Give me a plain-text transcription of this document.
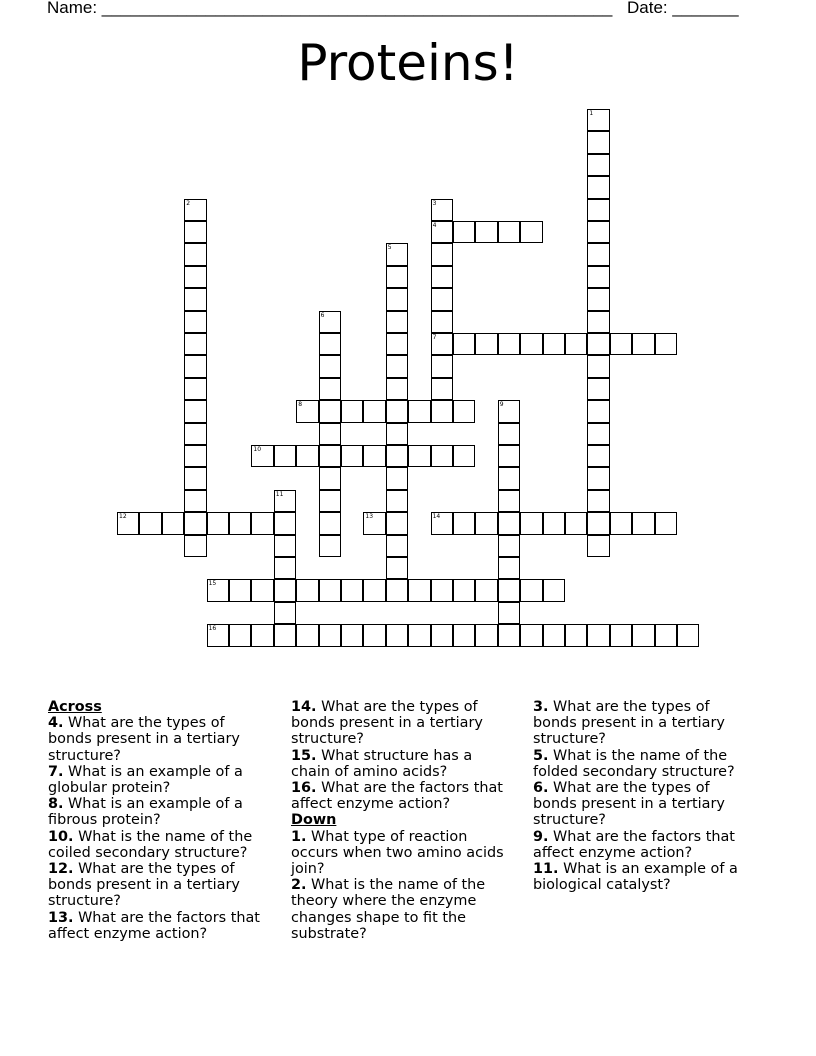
Name: ______________________________________________________ Date: _______
Proteins!
1
2	3
4
7
5
6
8	9
10
11
12	13	14
15
16
Across
4. What are the types of bonds present in a tertiary structure?
7. What is an example of a globular protein?
8. What is an example of a fibrous protein?
10. What is the name of the coiled secondary structure?
12. What are the types of bonds present in a tertiary structure?
13. What are the factors that affect enzyme action?
14. What are the types of bonds present in a tertiary structure?
15. What structure has a chain of amino acids?
16. What are the factors that affect enzyme action?
Down
1. What type of reaction occurs when two amino acids join?
2. What is the name of the theory where the enzyme changes shape to fit the substrate?
3. What are the types of bonds present in a tertiary structure?
5. What is the name of the folded secondary structure?
6. What are the types of bonds present in a tertiary structure?
9. What are the factors that affect enzyme action?
11. What is an example of a biological catalyst?
